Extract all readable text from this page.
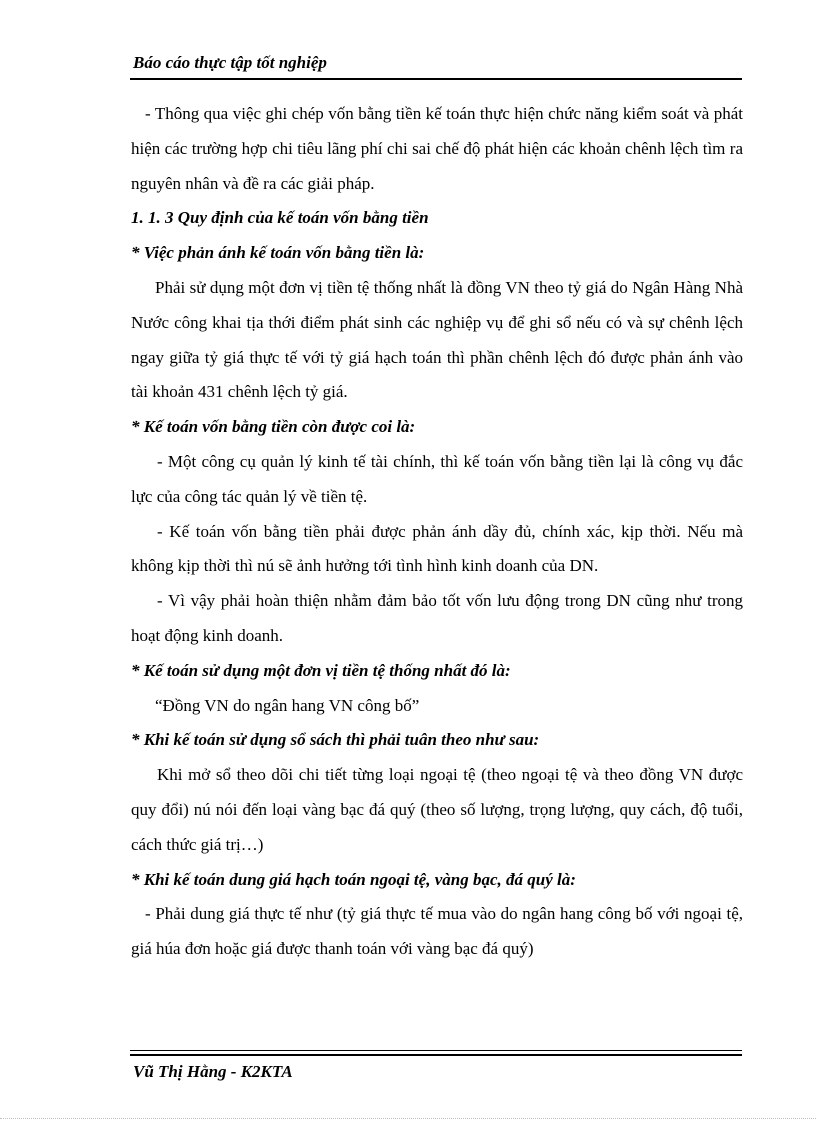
Báo cáo thực tập tốt nghiệp

- Thông qua việc ghi chép vốn bằng tiền kế toán thực hiện chức năng kiểm soát và phát hiện các trường hợp chi tiêu lãng phí chi sai chế độ phát hiện các khoản chênh lệch tìm ra nguyên nhân và đề ra các giải pháp.

1. 1. 3 Quy định của kế toán vốn bằng tiền

* Việc phản ánh kế toán vốn bằng tiền là:

Phải sử dụng một đơn vị tiền tệ thống nhất là đồng VN theo tỷ giá do Ngân Hàng Nhà Nước công khai tịa thới điểm phát sinh các nghiệp vụ để ghi sổ nếu có và sự chênh lệch ngay giữa tỷ giá thực tế với tỷ giá hạch toán thì phần chênh lệch đó được phản ánh vào tài khoản 431 chênh lệch tỷ giá.

* Kế toán vốn bằng tiền còn được coi là:

- Một công cụ quản lý kinh tế tài chính, thì kế toán vốn bằng tiền lại là công vụ đắc lực của công tác quản lý về tiền tệ.

- Kế toán vốn bằng tiền phải được phản ánh dầy đủ, chính xác, kịp thời. Nếu mà không kịp thời thì nú sẽ ảnh hưởng tới tình hình kinh doanh của DN.

- Vì vậy phải hoàn thiện nhằm đảm bảo tốt vốn lưu động trong DN cũng như trong hoạt động kinh doanh.

* Kế toán sử dụng một đơn vị tiền tệ thống nhất đó là:

“Đồng VN do ngân hang VN công bố”

* Khi kế toán sử dụng sổ sách thì phải tuân theo như sau:

Khi mở sổ theo dõi chi tiết từng loại ngoại tệ (theo ngoại tệ và theo đồng VN được quy đổi) nú nói đến loại vàng bạc đá quý (theo số lượng, trọng lượng, quy cách, độ tuổi, cách thức giá trị…)

* Khi kế toán dung giá hạch toán ngoại tệ, vàng bạc, đá quý là:

- Phải dung giá thực tế như (tỷ giá thực tế mua vào do ngân hang công bố với ngoại tệ, giá húa đơn hoặc giá được thanh toán với vàng bạc đá quý)

Vũ Thị Hằng - K2KTA
